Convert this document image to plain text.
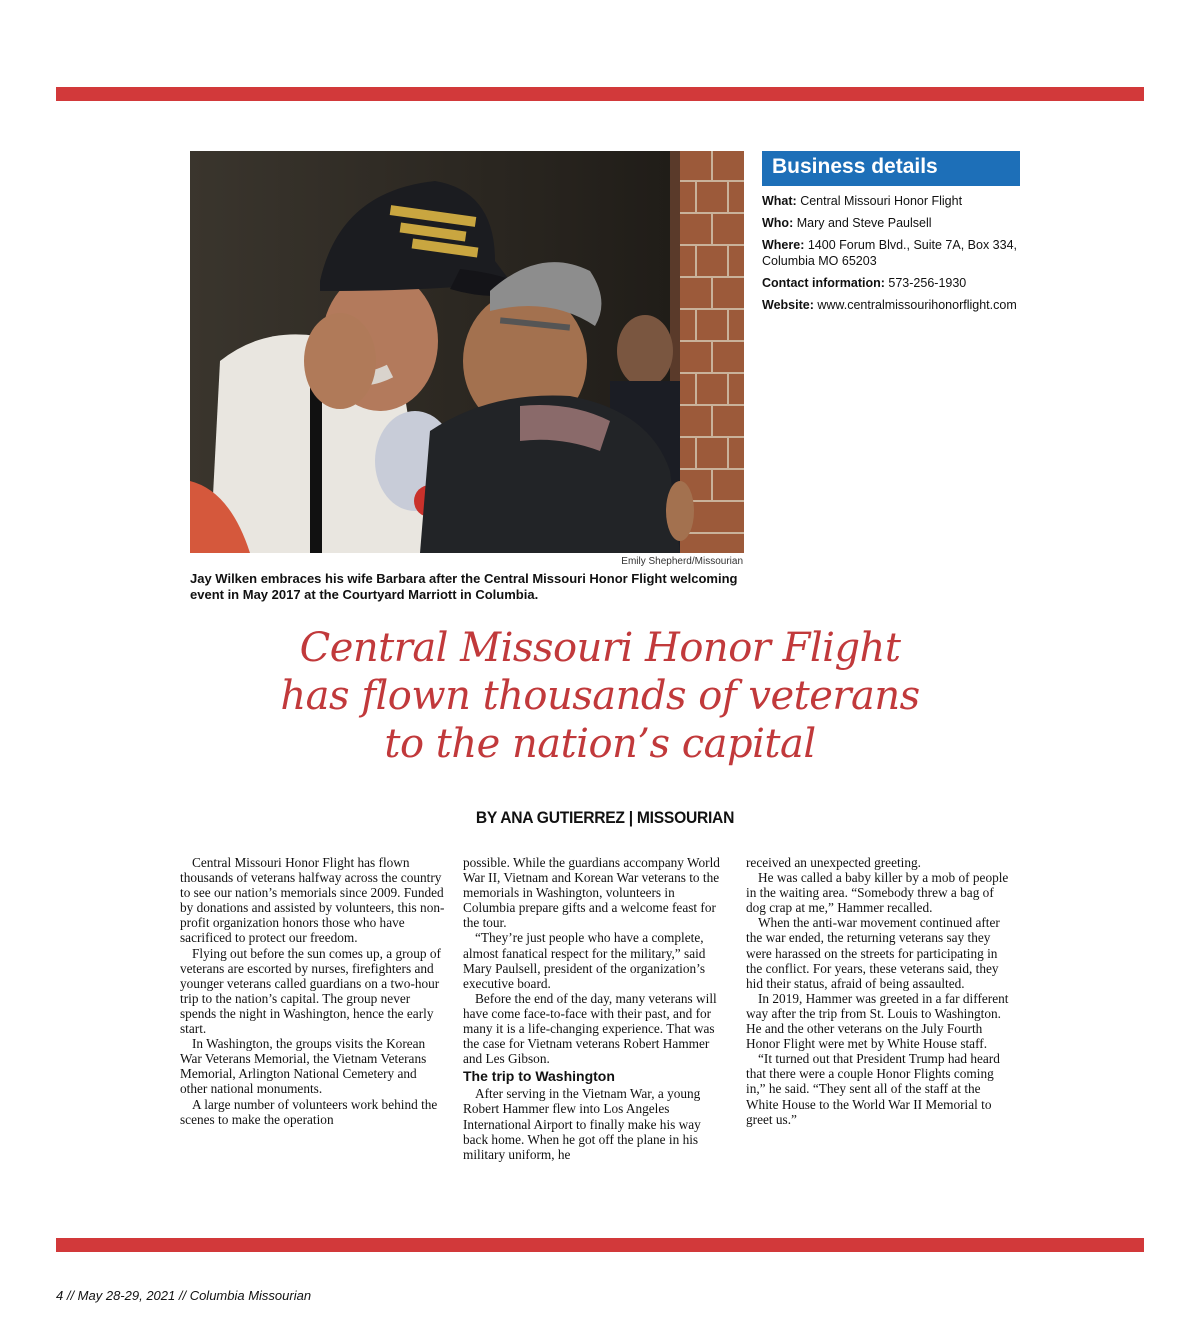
Emily Shepherd/Missourian
Jay Wilken embraces his wife Barbara after the Central Missouri Honor Flight welcoming event in May 2017 at the Courtyard Marriott in Columbia.
Business details
What: Central Missouri Honor Flight
Who: Mary and Steve Paulsell
Where: 1400 Forum Blvd., Suite 7A, Box 334, Columbia MO 65203
Contact information: 573-256-1930
Website: www.centralmissourihonorflight.com
Central Missouri Honor Flight
has flown thousands of veterans
to the nation’s capital
BY ANA GUTIERREZ | MISSOURIAN

Central Missouri Honor Flight has flown thousands of veterans halfway across the country to see our nation’s memorials since 2009. Funded by donations and assisted by volunteers, this non-profit organization honors those who have sacrificed to protect our freedom.

Flying out before the sun comes up, a group of veterans are escorted by nurses, firefighters and younger veterans called guardians on a two-hour trip to the nation’s capital. The group never spends the night in Washington, hence the early start.

In Washington, the groups visits the Korean War Veterans Memorial, the Vietnam Veterans Memorial, Arlington National Cemetery and other national monuments.

A large number of volunteers work behind the scenes to make the operation

possible. While the guardians accompany World War II, Vietnam and Korean War veterans to the memorials in Washington, volunteers in Columbia prepare gifts and a welcome feast for the tour.

“They’re just people who have a complete, almost fanatical respect for the military,” said Mary Paulsell, president of the organization’s executive board.

Before the end of the day, many veterans will have come face-to-face with their past, and for many it is a life-changing experience. That was the case for Vietnam veterans Robert Hammer and Les Gibson.

The trip to Washington

After serving in the Vietnam War, a young Robert Hammer flew into Los Angeles International Airport to finally make his way back home. When he got off the plane in his military uniform, he

received an unexpected greeting.

He was called a baby killer by a mob of people in the waiting area. “Somebody threw a bag of dog crap at me,” Hammer recalled.

When the anti-war movement continued after the war ended, the returning veterans say they were harassed on the streets for participating in the conflict. For years, these veterans said, they hid their status, afraid of being assaulted.

In 2019, Hammer was greeted in a far different way after the trip from St. Louis to Washington. He and the other veterans on the July Fourth Honor Flight were met by White House staff.

“It turned out that President Trump had heard that there were a couple Honor Flights coming in,” he said. “They sent all of the staff at the White House to the World War II Memorial to greet us.”

4 // May 28-29, 2021 // Columbia Missourian
